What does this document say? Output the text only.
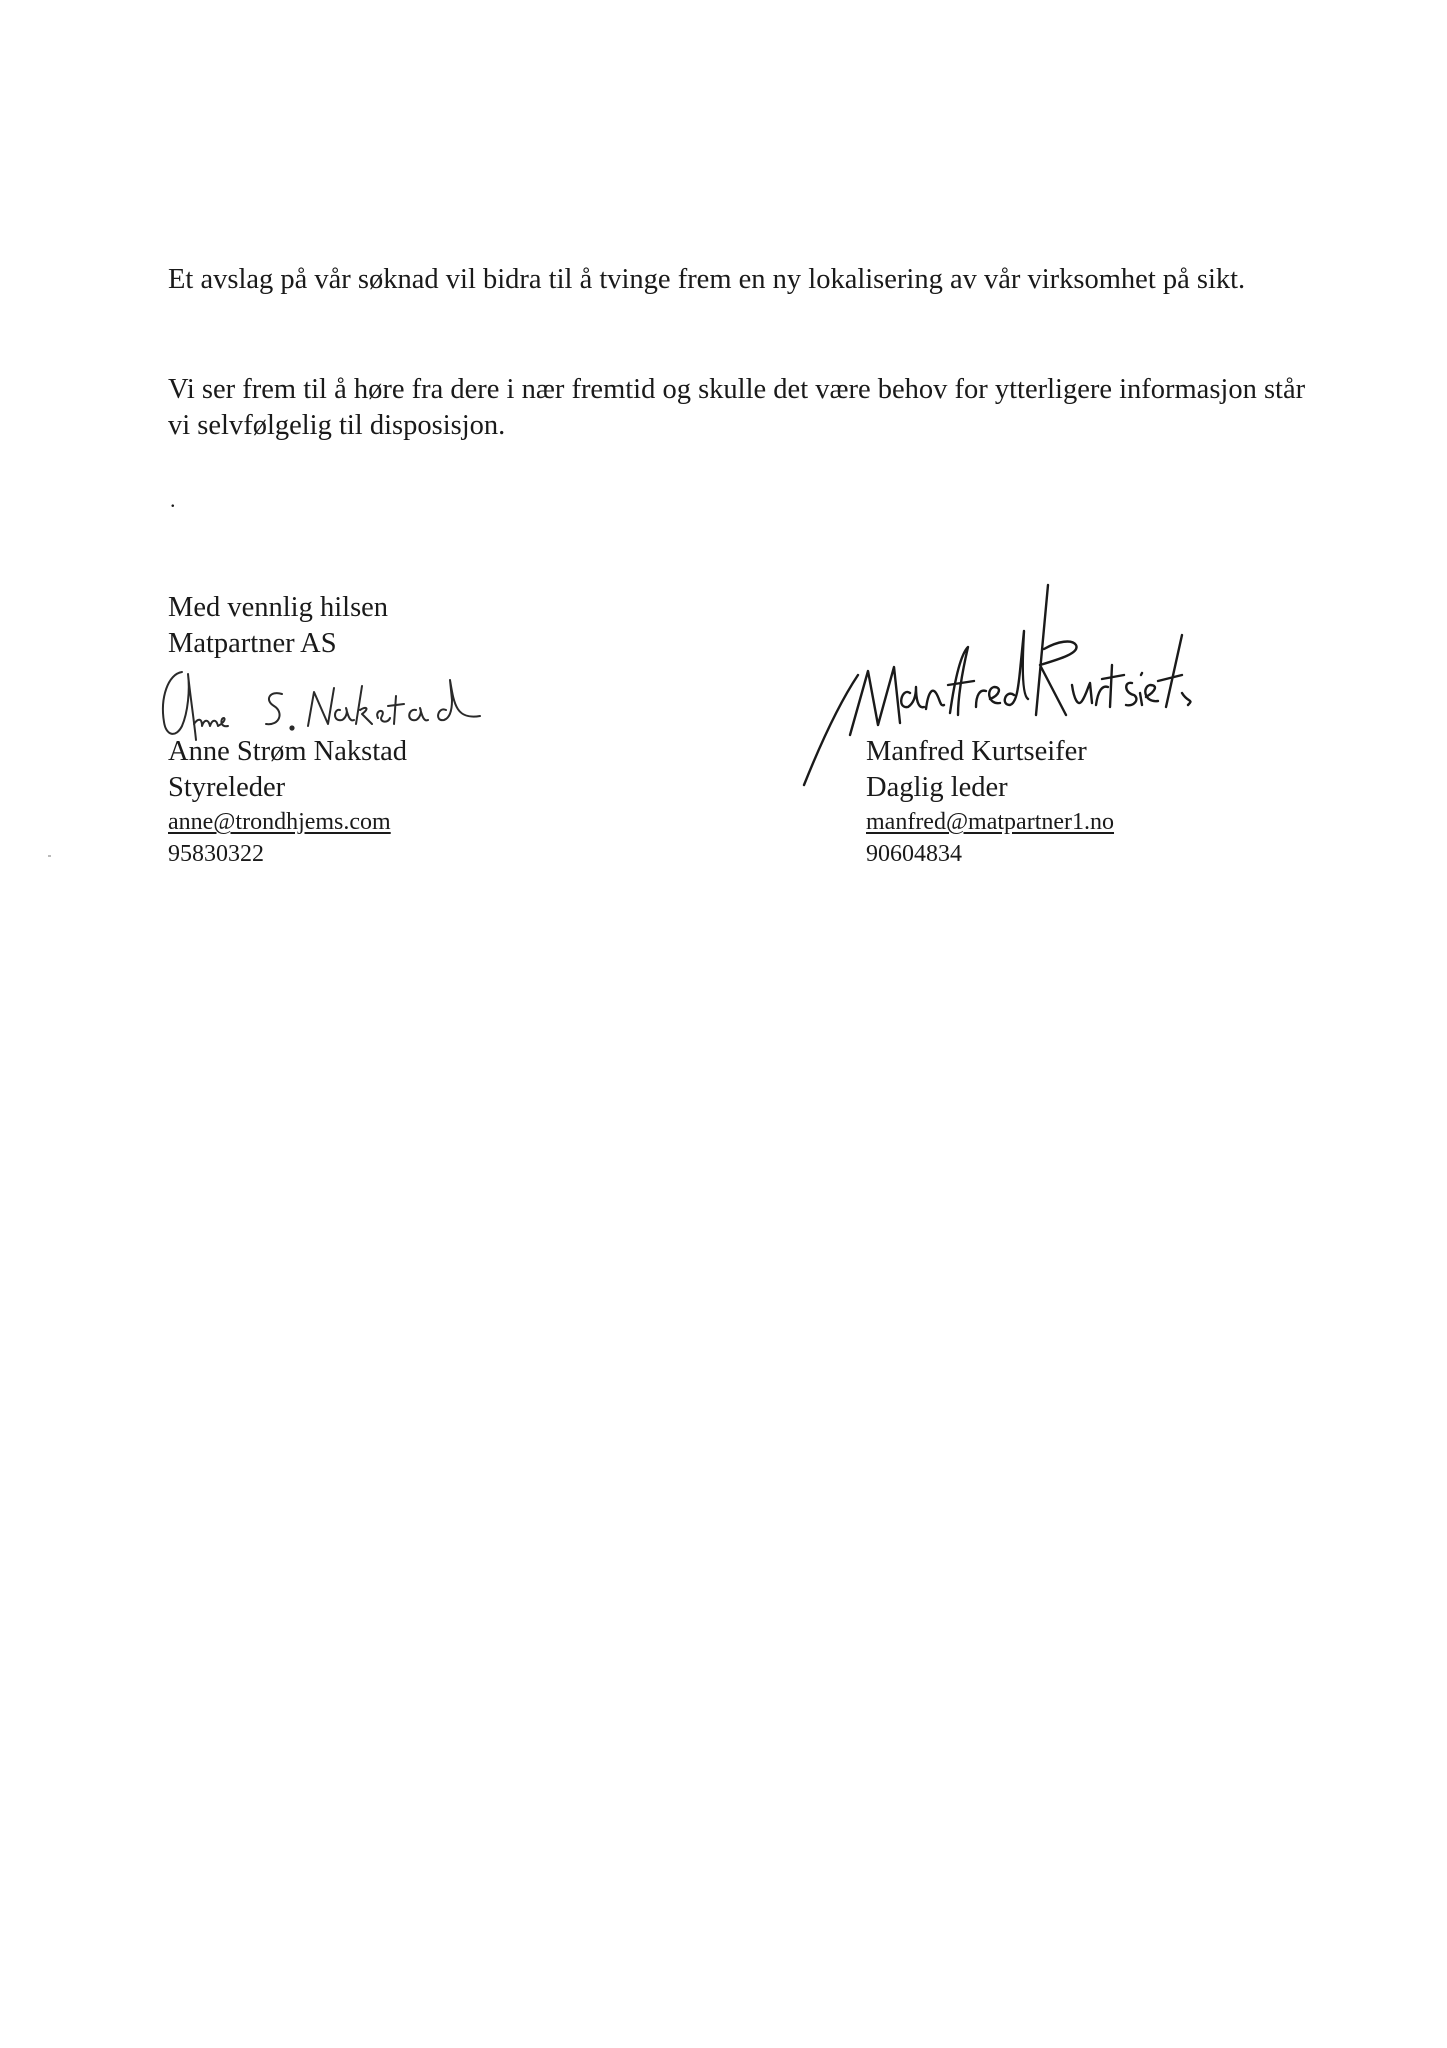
Et avslag på vår søknad vil bidra til å tvinge frem en ny lokalisering av vår virksomhet på sikt.

Vi ser frem til å høre fra dere i nær fremtid og skulle det være behov for ytterligere informasjon står vi selvfølgelig til disposisjon.

.
Med vennlig hilsen
Matpartner AS
Anne Strøm Nakstad
Styreleder
anne@trondhjems.com
95830322
Manfred Kurtseifer
Daglig leder
manfred@matpartner1.no
90604834
